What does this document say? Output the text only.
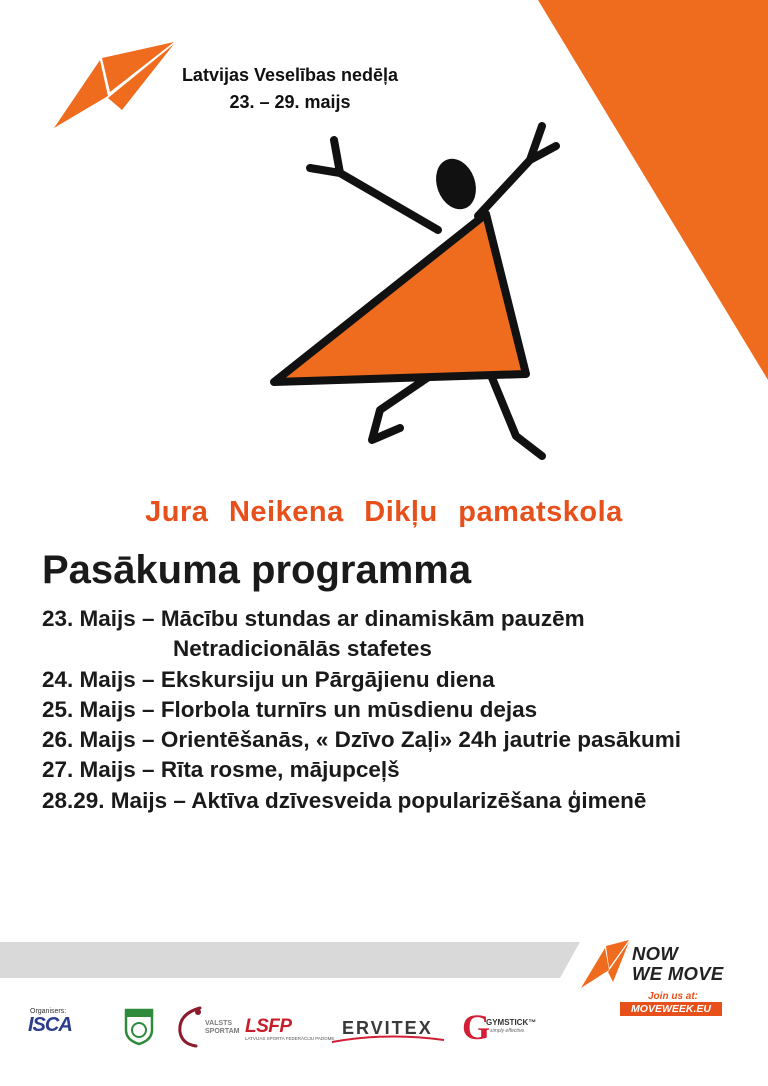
Latvijas Veselības nedēļa
23. – 29. maijs
Jura Neikena Dikļu pamatskola
Pasākuma programma
23. Maijs – Mācību stundas ar dinamiskām pauzēm
Netradicionālās stafetes
24. Maijs – Ekskursiju un Pārgājienu diena
25. Maijs – Florbola turnīrs un mūsdienu dejas
26. Maijs – Orientēšanās, « Dzīvo Zaļi» 24h jautrie pasākumi
27. Maijs – Rīta rosme, mājupceļš
28.29. Maijs – Aktīva dzīvesveida popularizēšana ģimenē
NOW
WE MOVE
Join us at:
MOVEWEEK.EU
Organisers:
ISCA	VALSTS SPORTAM LSFP
LATVIJAS SPORTA FEDERĀCIJU PADOME
ERVITEX G
GYMSTICK™
simply effective
